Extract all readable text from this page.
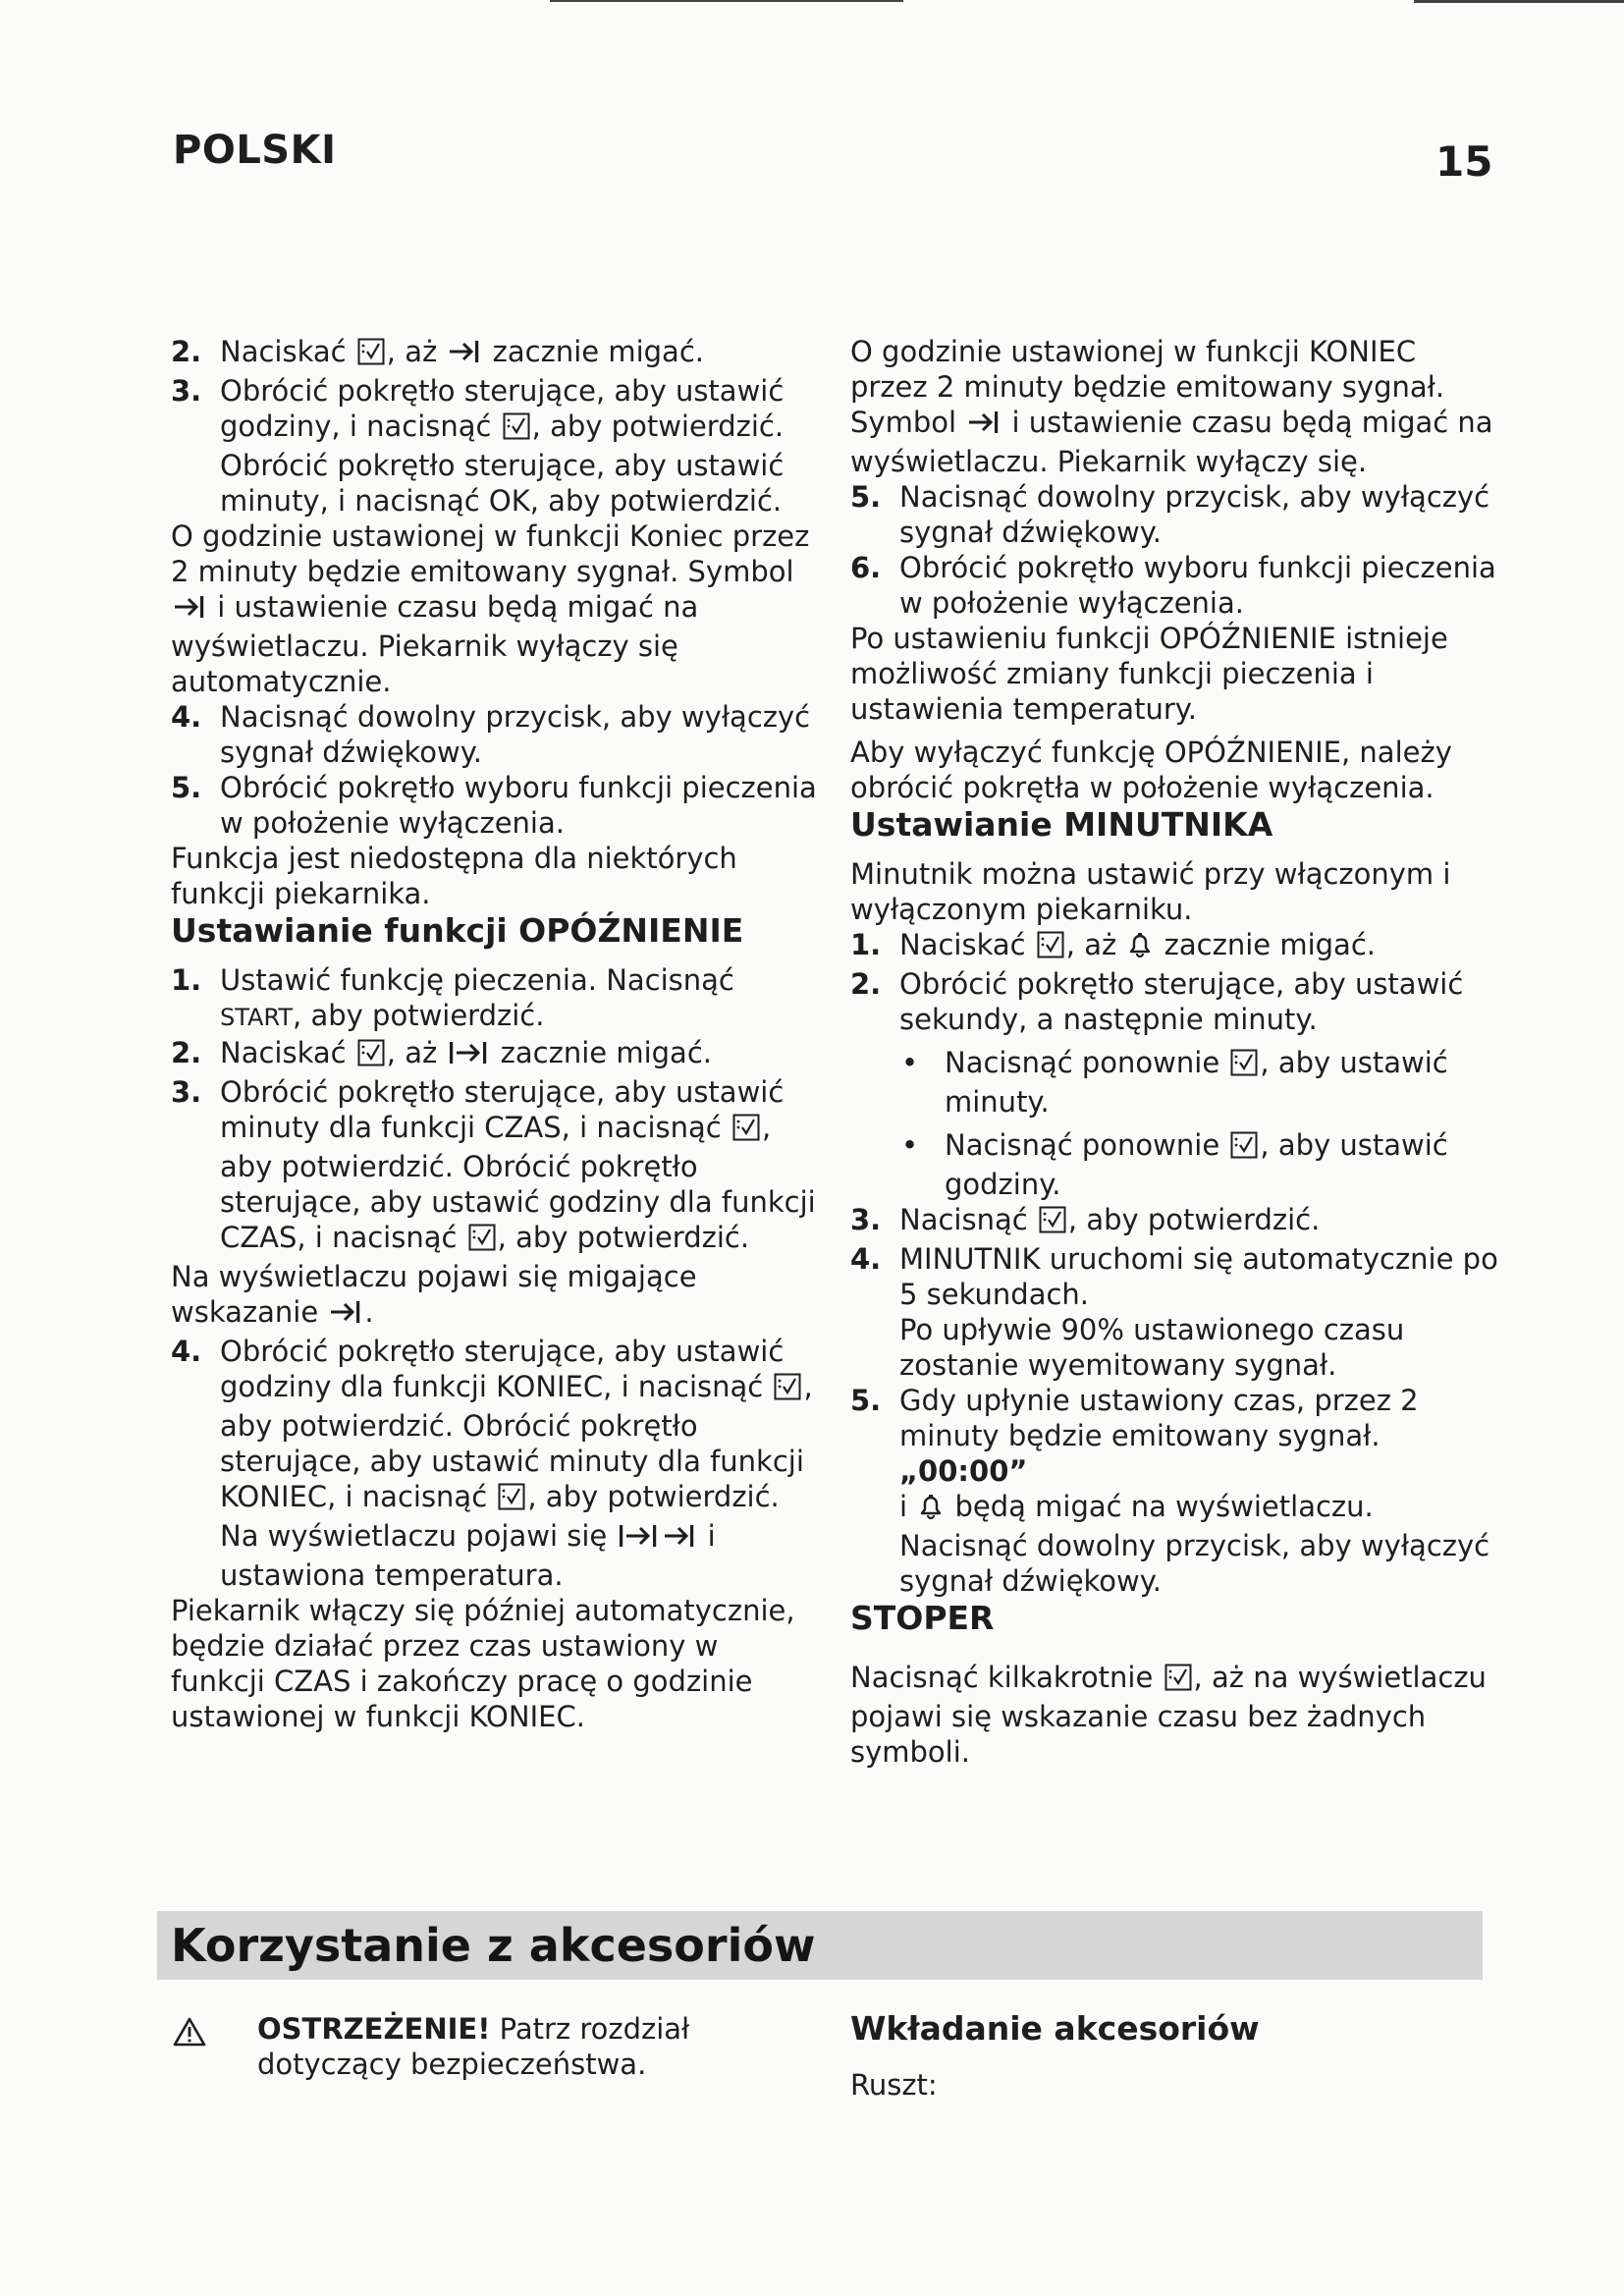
POLSKI	15

2. Naciskać , aż zacznie migać.

3. Obrócić pokrętło sterujące, aby ustawić godziny, i nacisnąć , aby potwierdzić. Obrócić pokrętło sterujące, aby ustawić minuty, i nacisnąć OK, aby potwierdzić.

O godzinie ustawionej w funkcji Koniec przez 2 minuty będzie emitowany sygnał. Symbol  i ustawienie czasu będą migać na wyświetlaczu. Piekarnik wyłączy się automatycznie.

4. Nacisnąć dowolny przycisk, aby wyłączyć sygnał dźwiękowy.

5. Obrócić pokrętło wyboru funkcji pieczenia w położenie wyłączenia.

Funkcja jest niedostępna dla niektórych funkcji piekarnika.

Ustawianie funkcji OPÓŹNIENIE

1. Ustawić funkcję pieczenia. Nacisnąć START, aby potwierdzić.

2. Naciskać , aż zacznie migać.

3. Obrócić pokrętło sterujące, aby ustawić minuty dla funkcji CZAS, i nacisnąć , aby potwierdzić. Obrócić pokrętło sterujące, aby ustawić godziny dla funkcji CZAS, i nacisnąć , aby potwierdzić.

Na wyświetlaczu pojawi się migające wskazanie .

4. Obrócić pokrętło sterujące, aby ustawić godziny dla funkcji KONIEC, i nacisnąć , aby potwierdzić. Obrócić pokrętło sterujące, aby ustawić minuty dla funkcji KONIEC, i nacisnąć , aby potwierdzić.
Na wyświetlaczu pojawi się	i ustawiona temperatura.

Piekarnik włączy się później automatycznie, będzie działać przez czas ustawiony w funkcji CZAS i zakończy pracę o godzinie ustawionej w funkcji KONIEC.

O godzinie ustawionej w funkcji KONIEC przez 2 minuty będzie emitowany sygnał. Symbol i ustawienie czasu będą migać na wyświetlaczu. Piekarnik wyłączy się.

5. Nacisnąć dowolny przycisk, aby wyłączyć sygnał dźwiękowy.

6. Obrócić pokrętło wyboru funkcji pieczenia w położenie wyłączenia.

Po ustawieniu funkcji OPÓŹNIENIE istnieje możliwość zmiany funkcji pieczenia i ustawienia temperatury.

Aby wyłączyć funkcję OPÓŹNIENIE, należy obrócić pokrętła w położenie wyłączenia.

Ustawianie MINUTNIKA

Minutnik można ustawić przy włączonym i wyłączonym piekarniku.

1. Naciskać , aż zacznie migać.

2. Obrócić pokrętło sterujące, aby ustawić sekundy, a następnie minuty.

• Nacisnąć ponownie , aby ustawić minuty.

• Nacisnąć ponownie , aby ustawić godziny.

3. Nacisnąć , aby potwierdzić.

4. MINUTNIK uruchomi się automatycznie po 5 sekundach.
Po upływie 90% ustawionego czasu zostanie wyemitowany sygnał.

5. Gdy upłynie ustawiony czas, przez 2 minuty będzie emitowany sygnał. „00:00”
i będą migać na wyświetlaczu. Nacisnąć dowolny przycisk, aby wyłączyć sygnał dźwiękowy.

STOPER

Nacisnąć kilkakrotnie , aż na wyświetlaczu pojawi się wskazanie czasu bez żadnych symboli.

Korzystanie z akcesoriów
OSTRZEŻENIE! Patrz rozdział dotyczący bezpieczeństwa.
Wkładanie akcesoriów
Ruszt:
